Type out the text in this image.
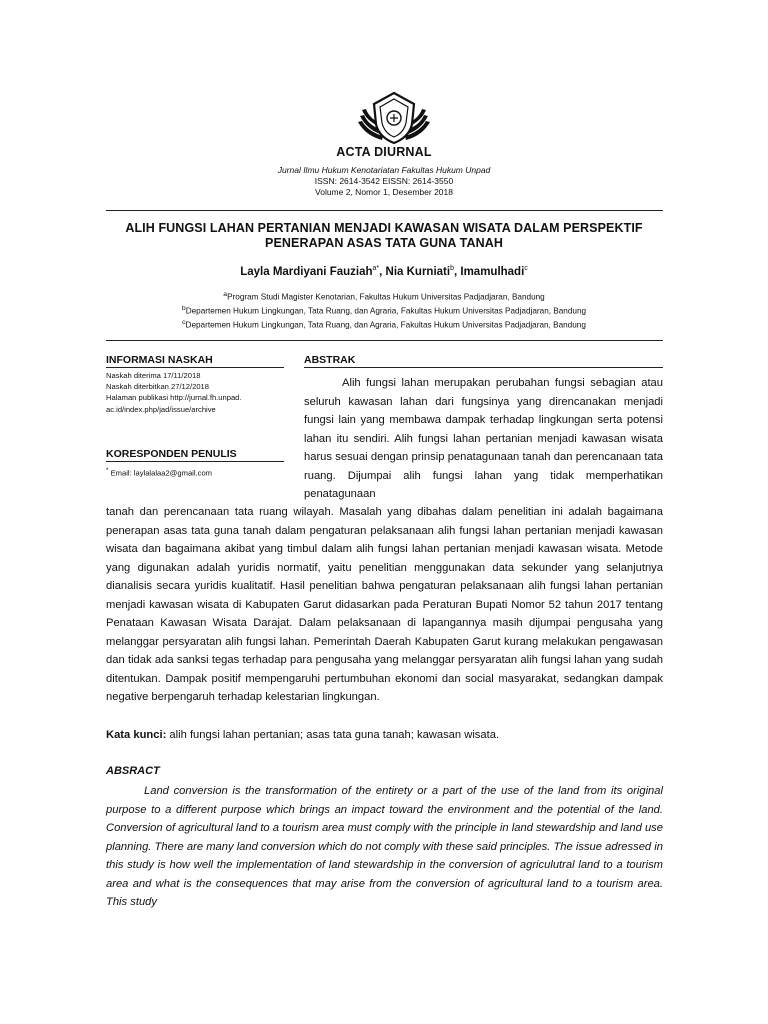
ACTA DIURNAL
Jurnal Ilmu Hukum Kenotariatan Fakultas Hukum Unpad
ISSN: 2614-3542 EISSN: 2614-3550
Volume 2, Nomor 1, Desember 2018
ALIH FUNGSI LAHAN PERTANIAN MENJADI KAWASAN WISATA DALAM PERSPEKTIF
PENERAPAN ASAS TATA GUNA TANAH
Layla Mardiyani Fauziah$^{a*}$, Nia Kurniati$^b$, Imamulhadi$^c$
$^a$Program Studi Magister Kenotarian, Fakultas Hukum Universitas Padjadjaran, Bandung
$^b$Departemen Hukum Lingkungan, Tata Ruang, dan Agraria, Fakultas Hukum Universitas Padjadjaran, Bandung
$^c$Departemen Hukum Lingkungan, Tata Ruang, dan Agraria, Fakultas Hukum Universitas Padjadjaran, Bandung
INFORMASI NASKAH
Naskah diterima 17/11/2018
Naskah diterbitkan 27/12/2018
Halaman publikasi http://jurnal.fh.unpad.
ac.id/index.php/jad/issue/archive
KORESPONDEN PENULIS
* Email: laylalalaa2@gmail.com
ABSTRAK

Alih fungsi lahan merupakan perubahan fungsi sebagian atau seluruh kawasan lahan dari fungsinya yang direncanakan menjadi fungsi lain yang membawa dampak terhadap lingkungan serta potensi lahan itu sendiri. Alih fungsi lahan pertanian menjadi kawasan wisata harus sesuai dengan prinsip penatagunaan tanah dan perencanaan tata ruang. Dijumpai alih fungsi lahan yang tidak memperhatikan penatagunaan

tanah dan perencanaan tata ruang wilayah. Masalah yang dibahas dalam penelitian ini adalah bagaimana penerapan asas tata guna tanah dalam pengaturan pelaksanaan alih fungsi lahan pertanian menjadi kawasan wisata dan bagaimana akibat yang timbul dalam alih fungsi lahan pertanian menjadi kawasan wisata. Metode yang digunakan adalah yuridis normatif, yaitu penelitian menggunakan data sekunder yang selanjutnya dianalisis secara yuridis kualitatif. Hasil penelitian bahwa pengaturan pelaksanaan alih fungsi lahan pertanian menjadi kawasan wisata di Kabupaten Garut didasarkan pada Peraturan Bupati Nomor 52 tahun 2017 tentang Penataan Kawasan Wisata Darajat. Dalam pelaksanaan di lapangannya masih dijumpai pengusaha yang melanggar persyaratan alih fungsi lahan. Pemerintah Daerah Kabupaten Garut kurang melakukan pengawasan dan tidak ada sanksi tegas terhadap para pengusaha yang melanggar persyaratan alih fungsi lahan yang sudah ditentukan. Dampak positif mempengaruhi pertumbuhan ekonomi dan social masyarakat, sedangkan dampak negative berpengaruh terhadap kelestarian lingkungan.

Kata kunci: alih fungsi lahan pertanian; asas tata guna tanah; kawasan wisata.
ABSRACT

Land conversion is the transformation of the entirety or a part of the use of the land from its original purpose to a different purpose which brings an impact toward the environment and the potential of the land. Conversion of agricultural land to a tourism area must comply with the principle in land stewardship and land use planning. There are many land conversion which do not comply with these said principles. The issue adressed in this study is how well the implementation of land stewardship in the conversion of agriculutral land to a tourism area and what is the consequences that may arise from the conversion of agricultural land to a tourism area. This study
